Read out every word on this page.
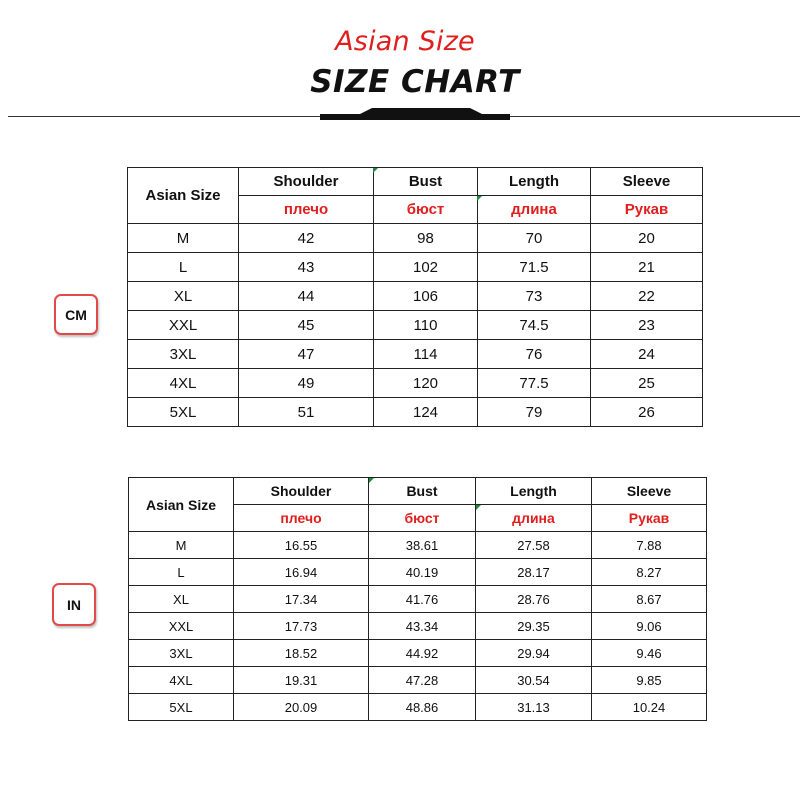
Asian Size
SIZE CHART
CM
Asian Size	Shoulder	Bust	Length	Sleeve
	плечо	бюст	длина	Рукав
M	42	98	70	20
L	43	102	71.5	21
XL	44	106	73	22
XXL	45	110	74.5	23
3XL	47	114	76	24
4XL	49	120	77.5	25
5XL	51	124	79	26
IN
Asian Size	Shoulder	Bust	Length	Sleeve
	плечо	бюст	длина	Рукав
M	16.55	38.61	27.58	7.88
L	16.94	40.19	28.17	8.27
XL	17.34	41.76	28.76	8.67
XXL	17.73	43.34	29.35	9.06
3XL	18.52	44.92	29.94	9.46
4XL	19.31	47.28	30.54	9.85
5XL	20.09	48.86	31.13	10.24
